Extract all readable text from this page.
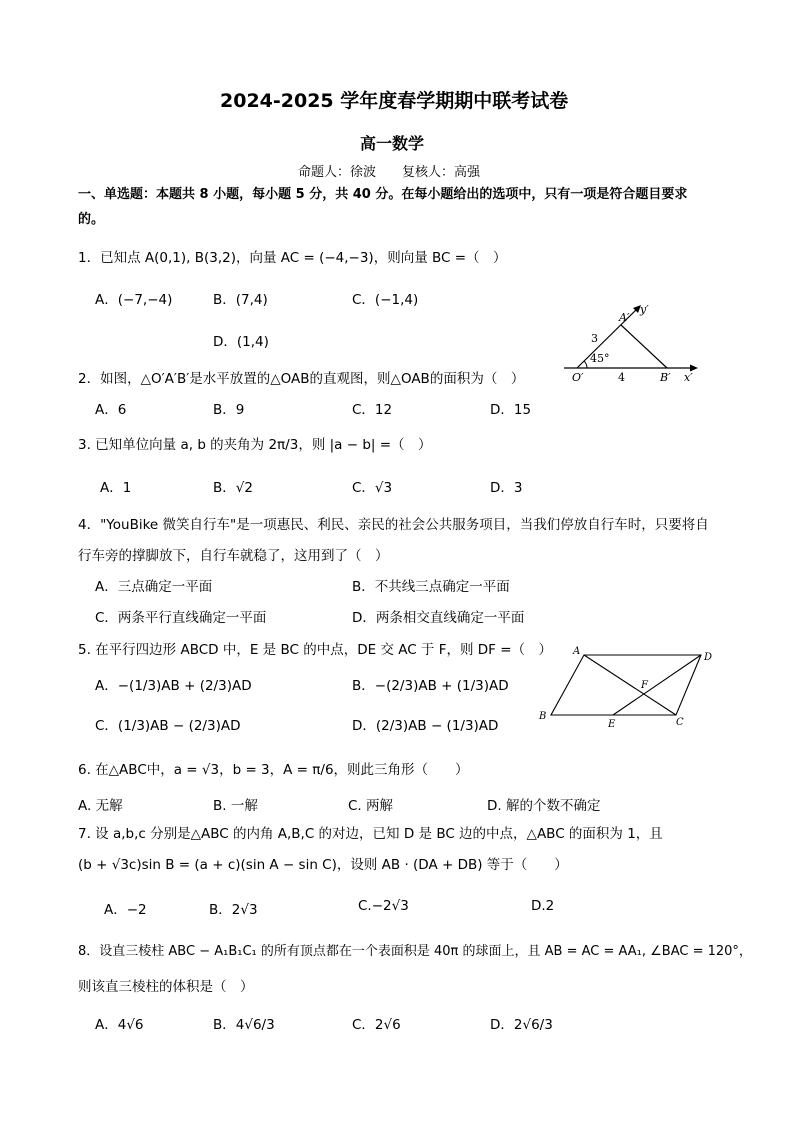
2024-2025 学年度春学期期中联考试卷
高一数学
命题人：徐波　　复核人：高强
一、单选题：本题共 8 小题，每小题 5 分，共 40 分。在每小题给出的选项中，只有一项是符合题目要求
的。
1．已知点 A(0,1), B(3,2)，向量 AC = (−4,−3)，则向量 BC =（　）
A．(−7,−4)	B．(7,4)	C．(−1,4)
D．(1,4)
A′
y′
3
45°
O′	4	B′ x′
2．如图，△O′A′B′是水平放置的△OAB的直观图，则△OAB的面积为（　）
A．6	B．9	C．12	D．15
3. 已知单位向量 a, b 的夹角为 2π/3，则 |a − b| =（　）
A．1	B．√2	C．√3	D．3
4．"YouBike 微笑自行车"是一项惠民、利民、亲民的社会公共服务项目，当我们停放自行车时，只要将自
行车旁的撑脚放下，自行车就稳了，这用到了（　）
A．三点确定一平面	B．不共线三点确定一平面
C．两条平行直线确定一平面	D．两条相交直线确定一平面
5. 在平行四边形 ABCD 中，E 是 BC 的中点，DE 交 AC 于 F，则 DF =（　）
A．−(1/3)AB + (2/3)AD	B．−(2/3)AB + (1/3)AD
C．(1/3)AB − (2/3)AD	D．(2/3)AB − (1/3)AD
A
D
F
B
E	C
6. 在△ABC中，a = √3，b = 3，A = π/6，则此三角形（　　）
A. 无解	B. 一解	C. 两解	D. 解的个数不确定
7. 设 a,b,c 分别是△ABC 的内角 A,B,C 的对边，已知 D 是 BC 边的中点，△ABC 的面积为 1，且
(b + √3c)sin B = (a + c)(sin A − sin C)，设则 AB · (DA + DB) 等于（　　）
A．−2	B．2√3	C.−2√3	D.2
8．设直三棱柱 ABC − A₁B₁C₁ 的所有顶点都在一个表面积是 40π 的球面上，且 AB = AC = AA₁, ∠BAC = 120°，
则该直三棱柱的体积是（　）
A．4√6	B．4√6/3	C．2√6	D．2√6/3
